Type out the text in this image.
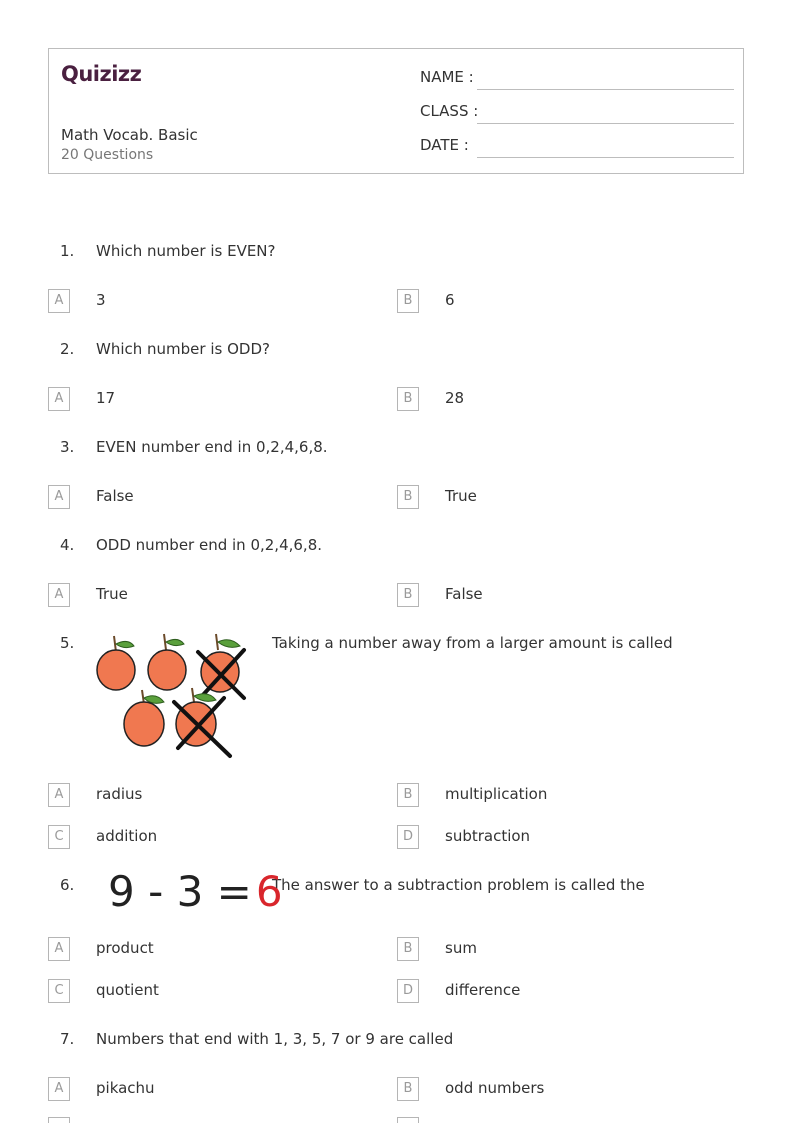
Quizizz
Math Vocab. Basic
20 Questions
NAME :
CLASS :
DATE :
1. Which number is EVEN?
A	3	B	6
2. Which number is ODD?
A	17	B	28
3. EVEN number end in 0,2,4,6,8.
A	False	B	True
4. ODD number end in 0,2,4,6,8.
A	True	B	False
5.	Taking a number away from a larger amount is called
A	radius	B	multiplication
C	addition	D	subtraction
6.	The answer to a subtraction problem is called the
9 - 3 =6
A	product	B	sum
C	quotient	D	difference
7. Numbers that end with 1, 3, 5, 7 or 9 are called
A	pikachu	B	odd numbers
